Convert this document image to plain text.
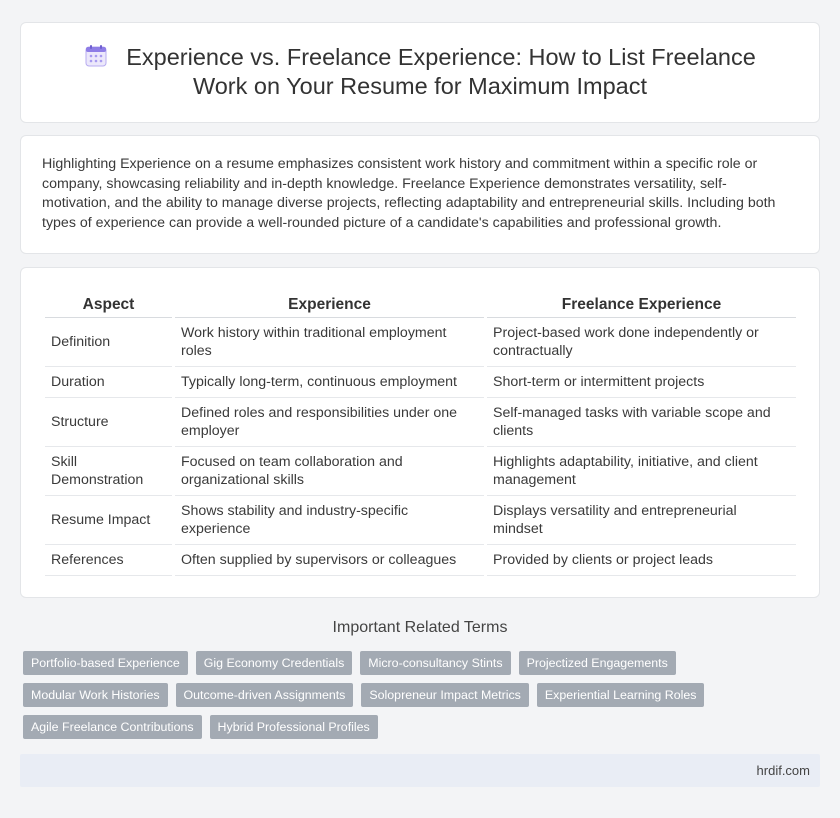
Experience vs. Freelance Experience: How to List Freelance Work on Your Resume for Maximum Impact

Highlighting Experience on a resume emphasizes consistent work history and commitment within a specific role or company, showcasing reliability and in-depth knowledge. Freelance Experience demonstrates versatility, self-motivation, and the ability to manage diverse projects, reflecting adaptability and entrepreneurial skills. Including both types of experience can provide a well-rounded picture of a candidate's capabilities and professional growth.

Aspect	Experience	Freelance Experience
Definition	Work history within traditional employment roles	Project-based work done independently or contractually
Duration	Typically long-term, continuous employment	Short-term or intermittent projects
Structure	Defined roles and responsibilities under one employer	Self-managed tasks with variable scope and clients
Skill Demonstration	Focused on team collaboration and organizational skills	Highlights adaptability, initiative, and client management
Resume Impact	Shows stability and industry-specific experience	Displays versatility and entrepreneurial mindset
References	Often supplied by supervisors or colleagues	Provided by clients or project leads
Important Related Terms
Portfolio-based Experience	Gig Economy Credentials	Micro-consultancy Stints	Projectized Engagements
Modular Work Histories	Outcome-driven Assignments	Solopreneur Impact Metrics	Experiential Learning Roles
Agile Freelance Contributions	Hybrid Professional Profiles
hrdif.com
